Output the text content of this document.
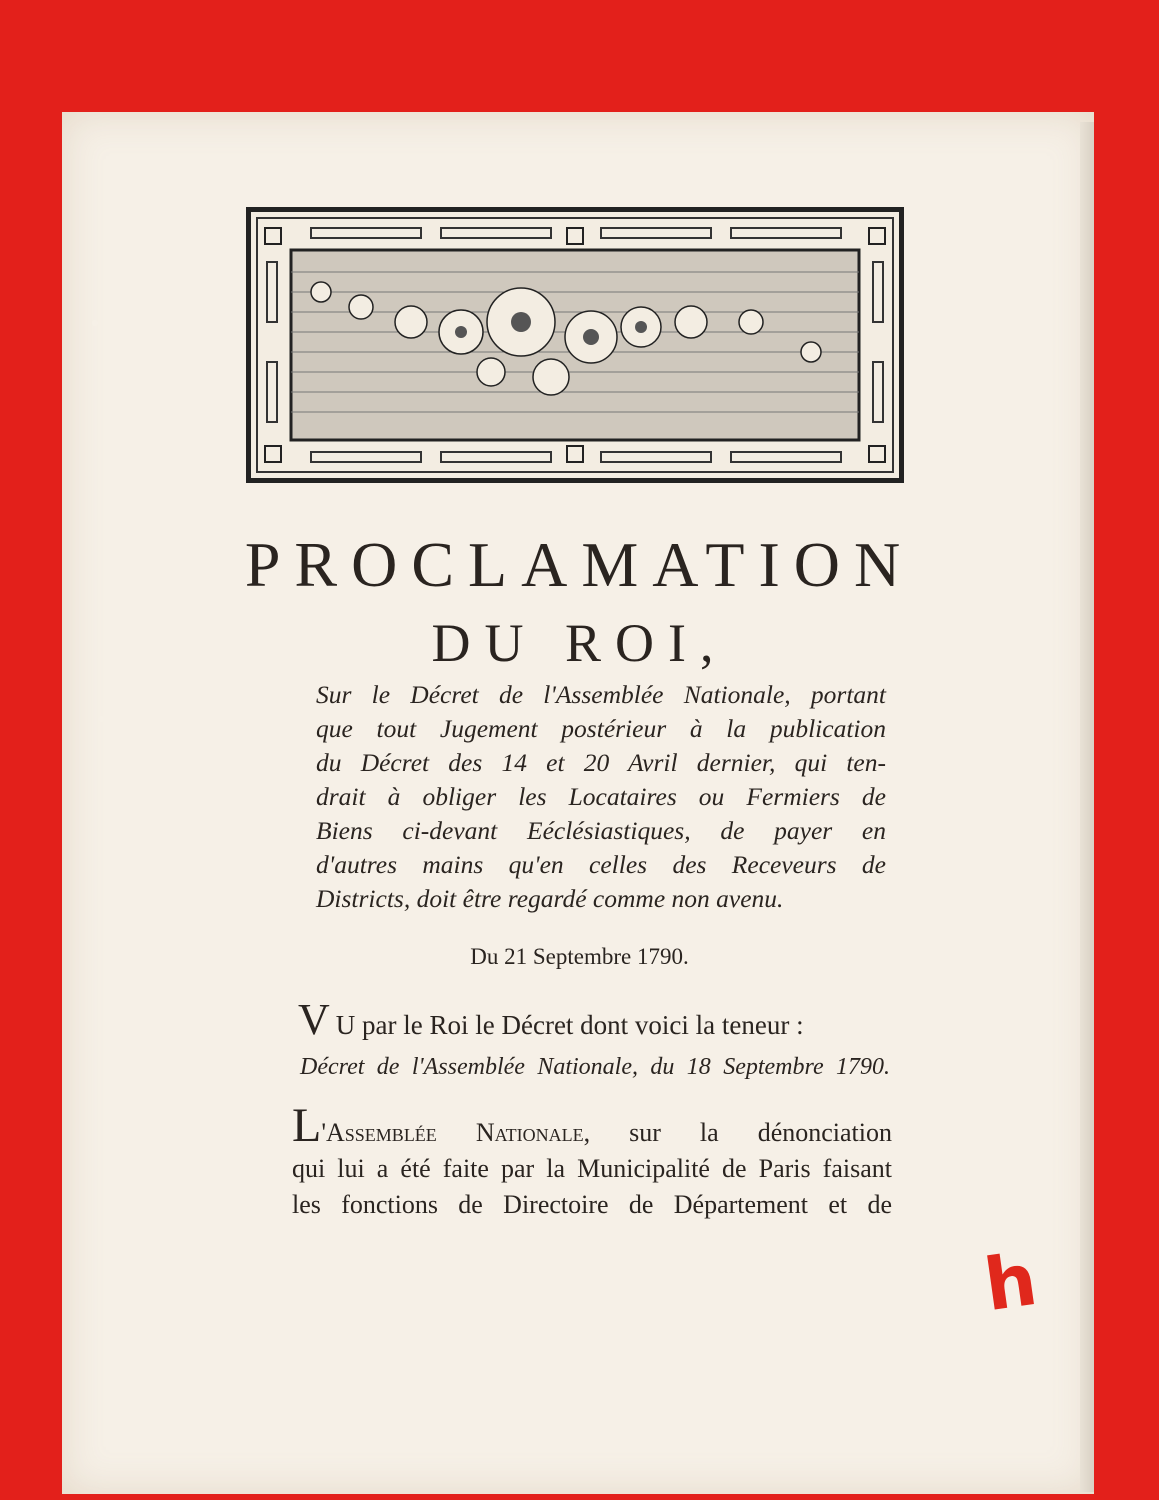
PROCLAMATION
DU ROI,
Sur le Décret de l'Assemblée Nationale, portant
que tout Jugement postérieur à la publication
du Décret des 14 et 20 Avril dernier, qui ten-
drait à obliger les Locataires ou Fermiers de
Biens ci-devant Eéclésiastiques, de payer en
d'autres mains qu'en celles des Receveurs de
Districts, doit être regardé comme non avenu.
Du 21 Septembre 1790.
V U par le Roi le Décret dont voici la teneur :
Décret de l'Assemblée Nationale, du 18 Septembre 1790.
L'Assemblée Nationale, sur la dénonciation
qui lui a été faite par la Municipalité de Paris faisant
les fonctions de Directoire de Département et de
h
